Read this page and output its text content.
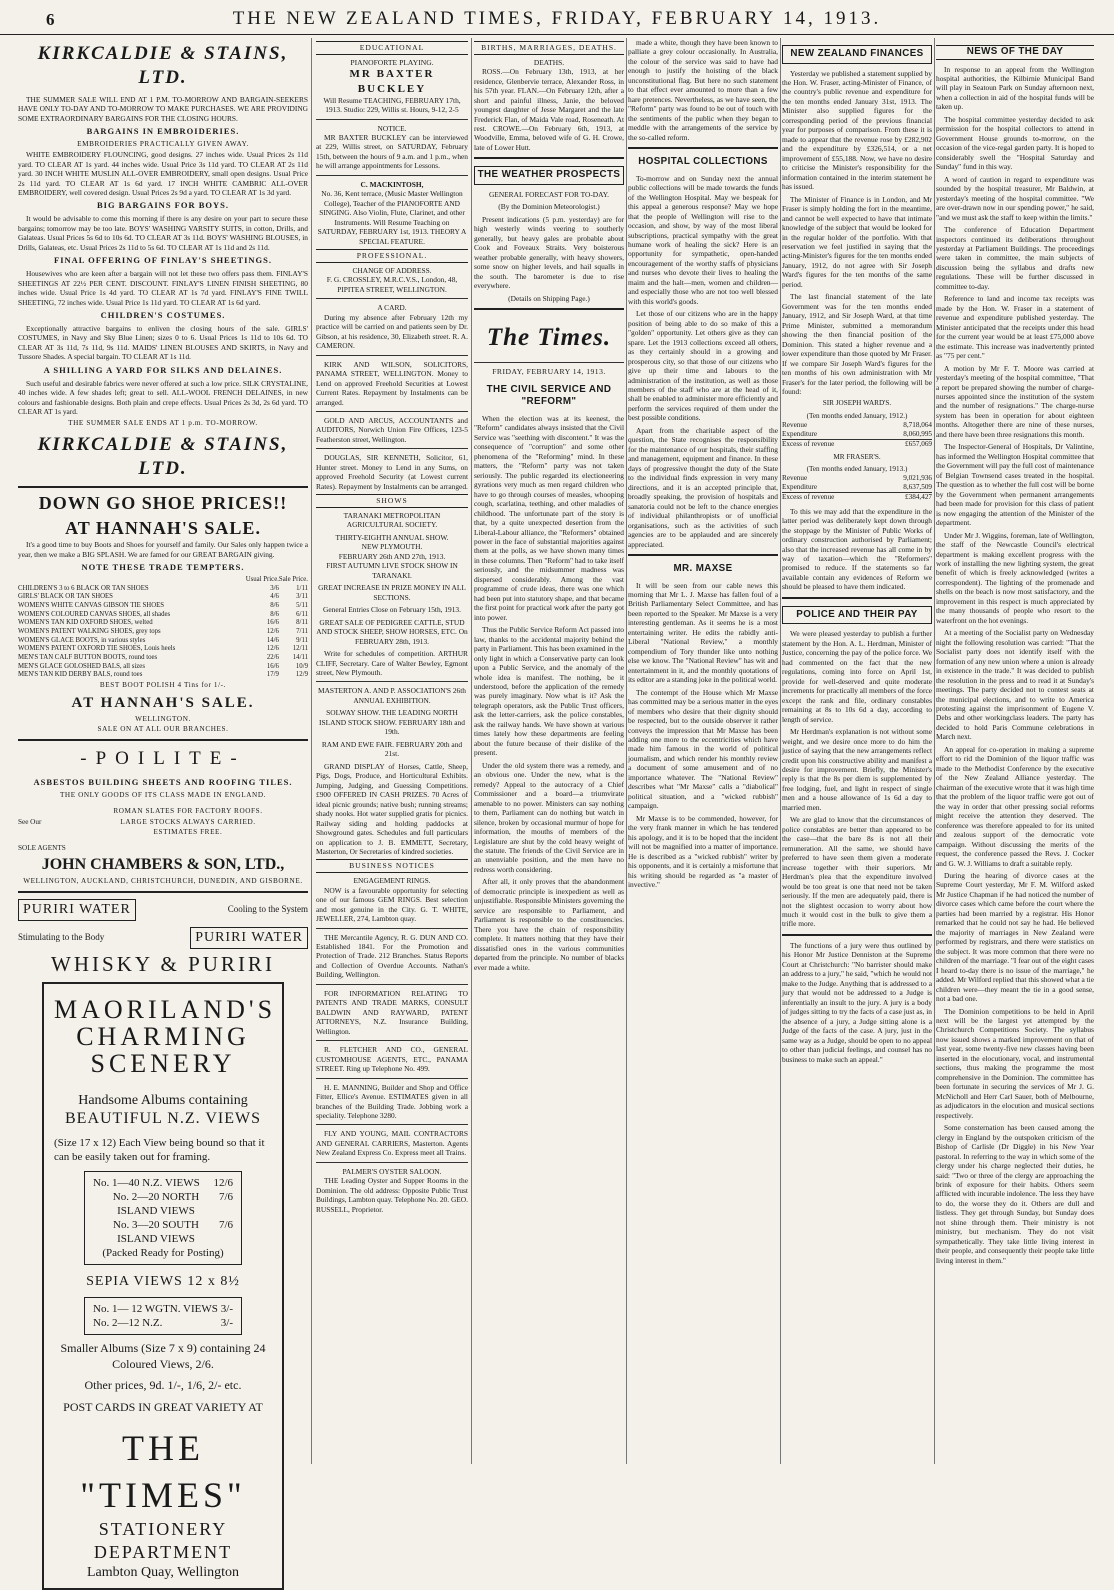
6	THE NEW ZEALAND TIMES, FRIDAY, FEBRUARY 14, 1913.
KIRKCALDIE & STAINS, LTD.

THE SUMMER SALE WILL END AT 1 P.M. TO-MORROW AND BARGAIN-SEEKERS HAVE ONLY TO-DAY AND TO-MORROW TO MAKE PURCHASES. WE ARE PROVIDING SOME EXTRAORDINARY BARGAINS FOR THE CLOSING HOURS.

BARGAINS IN EMBROIDERIES.
EMBROIDERIES PRACTICALLY GIVEN AWAY.

WHITE EMBROIDERY FLOUNCING, good designs. 27 inches wide. Usual Prices 2s 11d yard. TO CLEAR AT 1s yard. 44 inches wide. Usual Price 3s 11d yard. TO CLEAR AT 2s 11d yard. 30 INCH WHITE MUSLIN ALL-OVER EMBROIDERY, small open designs. Usual Price 2s 11d yard. TO CLEAR AT 1s 6d yard. 17 INCH WHITE CAMBRIC ALL-OVER EMBROIDERY, well covered design. Usual Prices 2s 9d a yard. TO CLEAR AT 1s 3d yard.

BIG BARGAINS FOR BOYS.

It would be advisable to come this morning if there is any desire on your part to secure these bargains; tomorrow may be too late. BOYS' WASHING VARSITY SUITS, in cotton, Drills, and Galateas. Usual Prices 5s 6d to 10s 6d. TO CLEAR AT 3s 11d. BOYS' WASHING BLOUSES, in Drills, Galateas, etc. Usual Prices 2s 11d to 5s 6d. TO CLEAR AT 1s 11d and 2s 11d.

FINAL OFFERING OF FINLAY'S SHEETINGS.

Housewives who are keen after a bargain will not let these two offers pass them. FINLAY'S SHEETINGS AT 22½ PER CENT. DISCOUNT. FINLAY'S LINEN FINISH SHEETING, 80 inches wide. Usual Price 1s 4d yard. TO CLEAR AT 1s 7d yard. FINLAY'S FINE TWILL SHEETING, 72 inches wide. Usual Price 1s 11d yard. TO CLEAR AT 1s 6d yard.

CHILDREN'S COSTUMES.

Exceptionally attractive bargains to enliven the closing hours of the sale. GIRLS' COSTUMES, in Navy and Sky Blue Linen; sizes 0 to 6. Usual Prices 1s 11d to 10s 6d. TO CLEAR AT 3s 11d, 7s 11d, 9s 11d. MAIDS' LINEN BLOUSES AND SKIRTS, in Navy and Tussore Shades. A special bargain. TO CLEAR AT 1s 11d.

A SHILLING A YARD FOR SILKS AND DELAINES.

Such useful and desirable fabrics were never offered at such a low price. SILK CRYSTALINE, 40 inches wide. A few shades left; great to sell. ALL-WOOL FRENCH DELAINES, in new colours and fashionable designs. Both plain and crepe effects. Usual Prices 2s 3d, 2s 6d yard. TO CLEAR AT 1s yard.

THE SUMMER SALE ENDS AT 1 p.m. TO-MORROW.
KIRKCALDIE & STAINS, LTD.
DOWN GO SHOE PRICES!!
AT HANNAH'S SALE.

It's a good time to buy Boots and Shoes for yourself and family. Our Sales only happen twice a year, then we make a BIG SPLASH. We are famed for our GREAT BARGAIN giving.

NOTE THESE TRADE TEMPTERS.
	Usual Price.	Sale Price.
CHILDREN'S 3 to 6 BLACK OR TAN SHOES	3/6	1/11
GIRLS' BLACK OR TAN SHOES	4/6	3/11
WOMEN'S WHITE CANVAS GIBSON TIE SHOES	8/6	5/11
WOMEN'S COLOURED CANVAS SHOES, all shades	8/6	6/11
WOMEN'S TAN KID OXFORD SHOES, welted	16/6	8/11
WOMEN'S PATENT WALKING SHOES, grey tops	12/6	7/11
WOMEN'S GLACE BOOTS, in various styles	14/6	9/11
WOMEN'S PATENT OXFORD TIE SHOES, Louis heels	12/6	12/11
MEN'S TAN CALF BUTTON BOOTS, round toes	22/6	14/11
MEN'S GLACE GOLOSHED BALS, all sizes	16/6	10/9
MEN'S TAN KID DERBY BALS, round toes	17/9	12/9
BEST BOOT POLISH 4 Tins for 1/-.
AT HANNAH'S SALE.
WELLINGTON.
SALE ON AT ALL OUR BRANCHES.
-POILITE-
ASBESTOS BUILDING SHEETS AND ROOFING TILES.
THE ONLY GOODS OF ITS CLASS MADE IN ENGLAND.
See Our
ROMAN SLATES FOR FACTORY ROOFS.
LARGE STOCKS ALWAYS CARRIED.
ESTIMATES FREE.
SOLE AGENTS
JOHN CHAMBERS & SON, LTD.,
WELLINGTON, AUCKLAND, CHRISTCHURCH, DUNEDIN, AND GISBORNE.
PURIRI WATER	Cooling to the System
Stimulating to the Body	PURIRI WATER
WHISKY & PURIRI
MAORILAND'S CHARMING SCENERY
Handsome Albums containing
BEAUTIFUL N.Z. VIEWS
(Size 17 x 12) Each View being bound so that it can be easily taken out for framing.
No. 1—40 N.Z. VIEWS 12/6
No. 2—20 NORTH ISLAND VIEWS
7/6
No. 3—20 SOUTH ISLAND VIEWS
7/6
(Packed Ready for Posting)
SEPIA VIEWS 12 x 8½
No. 1— 12 WGTN. VIEWS 3/-
No. 2—12 N.Z.	3/-
Smaller Albums (Size 7 x 9) containing 24 Coloured Views, 2/6.
Other prices, 9d. 1/-, 1/6, 2/- etc.
POST CARDS IN GREAT VARIETY AT
THE "TIMES"
STATIONERY DEPARTMENT
Lambton Quay, Wellington
EDUCATIONAL
PIANOFORTE PLAYING.
MR BAXTER BUCKLEY

Will Resume TEACHING, FEBRUARY 17th, 1913. Studio: 229, Willis st. Hours, 9-12, 2-5

NOTICE.

MR BAXTER BUCKLEY can be interviewed at 229, Willis street, on SATURDAY, February 15th, between the hours of 9 a.m. and 1 p.m., when he will arrange appointments for Lessons.

C. MACKINTOSH,

No. 36, Kent terrace, (Music Master Wellington College), Teacher of the PIANOFORTE AND SINGING. Also Violin, Flute, Clarinet, and other Instruments. Will Resume Teaching on SATURDAY, FEBRUARY 1st, 1913. THEORY A SPECIAL FEATURE.

PROFESSIONAL.
CHANGE OF ADDRESS.

F. G. CROSSLEY, M.R.C.V.S., London, 48, PIPITEA STREET, WELLINGTON.

A CARD.

During my absence after February 12th my practice will be carried on and patients seen by Dr. Gibson, at his residence, 30, Elizabeth street. R. A. CAMERON.

KIRK AND WILSON, SOLICITORS, PANAMA STREET, WELLINGTON. Money to Lend on approved Freehold Securities at Lowest Current Rates. Repayment by Instalments can be arranged.

GOLD AND ARCUS, ACCOUNTANTS and AUDITORS, Norwich Union Fire Offices, 123-5 Featherston street, Wellington.

DOUGLAS, SIR KENNETH, Solicitor, 61, Hunter street. Money to Lend in any Sums, on approved Freehold Security (at Lowest current Rates). Repayment by Instalments can be arranged.

SHOWS

TARANAKI METROPOLITAN AGRICULTURAL SOCIETY.

THIRTY-EIGHTH ANNUAL SHOW.
NEW PLYMOUTH.
FEBRUARY 26th AND 27th, 1913.

FIRST AUTUMN LIVE STOCK SHOW IN TARANAKI.

GREAT INCREASE IN PRIZE MONEY IN ALL SECTIONS.

General Entries Close on February 15th, 1913.

GREAT SALE OF PEDIGREE CATTLE, STUD AND STOCK SHEEP, SHOW HORSES, ETC. On FEBRUARY 28th, 1913.

Write for schedules of competition. ARTHUR CLIFF, Secretary. Care of Walter Bewley, Egmont street, New Plymouth.

MASTERTON A. AND P. ASSOCIATION'S 26th ANNUAL EXHIBITION.

SOLWAY SHOW. THE LEADING NORTH ISLAND STOCK SHOW. FEBRUARY 18th and 19th.

RAM AND EWE FAIR. FEBRUARY 20th and 21st.

GRAND DISPLAY of Horses, Cattle, Sheep, Pigs, Dogs, Produce, and Horticultural Exhibits. Jumping, Judging, and Guessing Competitions. £900 OFFERED IN CASH PRIZES. 70 Acres of ideal picnic grounds; native bush; running streams; shady nooks. Hot water supplied gratis for picnics. Railway siding and holding paddocks at Showground gates. Schedules and full particulars on application to J. B. EMMETT, Secretary, Masterton, Or Secretaries of kindred societies.

BUSINESS NOTICES
ENGAGEMENT RINGS.

NOW is a favourable opportunity for selecting one of our famous GEM RINGS. Best selection and most genuine in the City. G. T. WHITE, JEWELLER, 274, Lambton quay.

THE Mercantile Agency, R. G. DUN AND CO. Established 1841. For the Promotion and Protection of Trade. 212 Branches. Status Reports and Collection of Overdue Accounts. Nathan's Building, Wellington.

FOR INFORMATION RELATING TO PATENTS AND TRADE MARKS, CONSULT BALDWIN AND RAYWARD, PATENT ATTORNEYS, N.Z. Insurance Building, Wellington.

R. FLETCHER AND CO., GENERAL CUSTOMHOUSE AGENTS, ETC., PANAMA STREET. Ring up Telephone No. 499.

H. E. MANNING, Builder and Shop and Office Fitter, Ellice's Avenue. ESTIMATES given in all branches of the Building Trade. Jobbing work a speciality. Telephone 3280.

FLY AND YOUNG, MAIL CONTRACTORS AND GENERAL CARRIERS, Masterton. Agents New Zealand Express Co. Express meet all Trains.

PALMER'S OYSTER SALOON.

THE Leading Oyster and Supper Rooms in the Dominion. The old address: Opposite Public Trust Buildings, Lambton quay. Telephone No. 20. GEO. RUSSELL, Proprietor.

BIRTHS, MARRIAGES, DEATHS.
DEATHS.

ROSS.—On February 13th, 1913, at her residence, Glenbervie terrace, Alexander Ross, in his 57th year. FLAN.—On February 12th, after a short and painful illness, Janie, the beloved youngest daughter of Jesse Margaret and the late Frederick Flan, of Maida Vale road, Roseneath. At rest. CROWE.—On February 6th, 1913, at Woodville, Emma, beloved wife of G. H. Crowe, late of Lower Hutt.

THE WEATHER PROSPECTS
GENERAL FORECAST FOR TO-DAY.
(By the Dominion Meteorologist.)

Present indications (5 p.m. yesterday) are for high westerly winds veering to southerly generally, but heavy gales are probable about Cook and Foveaux Straits. Very boisterous weather probable generally, with heavy showers, some snow on higher levels, and hail squalls in the south. The barometer is due to rise everywhere.

(Details on Shipping Page.)
The Times.
FRIDAY, FEBRUARY 14, 1913.
THE CIVIL SERVICE AND "REFORM"

When the election was at its keenest, the "Reform" candidates always insisted that the Civil Service was "seething with discontent." It was the consequence of "corruption" and some other phenomena of the "Reforming" mind. In these matters, the "Reform" party was not taken seriously. The public regarded its electioneering gyrations very much as men regard children who have to go through courses of measles, whooping cough, scarlatina, teething, and other maladies of childhood. The unfortunate part of the story is that, by a quite unexpected desertion from the Liberal-Labour alliance, the "Reformers" obtained power in the face of substantial majorities against them at the polls, as we have shown many times in these columns. Then "Reform" had to take itself seriously, and the midsummer madness was dispersed considerably. Among the vast programme of crude ideas, there was one which had been put into statutory shape, and that became the first point for practical work after the party got into power.

Thus the Public Service Reform Act passed into law, thanks to the accidental majority behind the party in Parliament. This has been examined in the only light in which a Conservative party can look upon a Public Service, and the anomaly of the whole idea is manifest. The nothing, be it understood, before the application of the remedy was purely imaginary. Now what is it? Ask the telegraph operators, ask the Public Trust officers, ask the letter-carriers, ask the police constables, ask the railway hands. We have shown at various times lately how these departments are feeling about the future because of their dislike of the present.

Under the old system there was a remedy, and an obvious one. Under the new, what is the remedy? Appeal to the autocracy of a Chief Commissioner and a board—a triumvirate amenable to no power. Ministers can say nothing to them, Parliament can do nothing but watch in silence, broken by occasional murmur of hope for information, the mouths of members of the Legislature are shut by the cold heavy weight of the statute. The friends of the Civil Service are in an unenviable position, and the men have no redress worth considering.

After all, it only proves that the abandonment of democratic principle is inexpedient as well as unjustifiable. Responsible Ministers governing the service are responsible to Parliament, and Parliament is responsible to the constituencies. There you have the chain of responsibility complete. It matters nothing that they have their dissatisfied ones in the various communities departed from the principle. No number of blacks ever made a white.

made a white, though they have been known to palliate a grey colour occasionally. In Australia, the colour of the service was said to have had enough to justify the hoisting of the black unconstitutional flag. But here no such statement to that effect ever amounted to more than a few hare pretences. Nevertheless, as we have seen, the "Reform" party was found to be out of touch with the sentiments of the public when they began to meddle with the arrangements of the service by the so-called reform.

HOSPITAL COLLECTIONS

To-morrow and on Sunday next the annual public collections will be made towards the funds of the Wellington Hospital. May we bespeak for this appeal a generous response? May we hope that the people of Wellington will rise to the occasion, and show, by way of the most liberal subscriptions, practical sympathy with the great humane work of healing the sick? Here is an opportunity for sympathetic, open-handed encouragement of the worthy staffs of physicians and nurses who devote their lives to healing the maim and the halt—men, women and children—and especially those who are not too well blessed with this world's goods.

Let those of our citizens who are in the happy position of being able to do so make of this a "golden" opportunity. Let others give as they can spare. Let the 1913 collections exceed all others, as they certainly should in a growing and prosperous city, so that those of our citizens who give up their time and labours to the administration of the institution, as well as those members of the staff who are at the head of it, shall be enabled to administer more efficiently and perform the services required of them under the best possible conditions.

Apart from the charitable aspect of the question, the State recognises the responsibility for the maintenance of our hospitals, their staffing and management, equipment and finance. In these days of progressive thought the duty of the State to the individual finds expression in very many directions, and it is an accepted principle that, broadly speaking, the provision of hospitals and sanatoria could not be left to the chance energies of individual philanthropists or of unofficial organisations, such as the activities of such agencies are to be applauded and are sincerely appreciated.

MR. MAXSE

It will be seen from our cable news this morning that Mr L. J. Maxse has fallen foul of a British Parliamentary Select Committee, and has been reported to the Speaker. Mr Maxse is a very interesting gentleman. As it seems he is a most entertaining writer. He edits the rabidly anti-Liberal "National Review," a monthly compendium of Tory thunder like unto nothing else we know. The "National Review" has wit and entertainment in it, and the monthly quotations of its editor are a standing joke in the political world.

The contempt of the House which Mr Maxse has committed may be a serious matter in the eyes of members who desire that their dignity should be respected, but to the outside observer it rather conveys the impression that Mr Maxse has been adding one more to the eccentricities which have made him famous in the world of political journalism, and which render his monthly review a document of some amusement and of no importance whatever. The "National Review" describes what "Mr Maxse" calls a "diabolical" political situation, and a "wicked rubbish" campaign.

Mr Maxse is to be commended, however, for the very frank manner in which he has tendered his apology, and it is to be hoped that the incident will not be magnified into a matter of importance. He is described as a "wicked rubbish" writer by his opponents, and it is certainly a misfortune that his writing should be regarded as "a master of invective."

NEW ZEALAND FINANCES

Yesterday we published a statement supplied by the Hon. W. Fraser, acting-Minister of Finance, of the country's public revenue and expenditure for the ten months ended January 31st, 1913. The Minister also supplied figures for the corresponding period of the previous financial year for purposes of comparison. From these it is made to appear that the revenue rose by £282,902 and the expenditure by £326,514, or a net improvement of £55,188. Now, we have no desire to criticise the Minister's responsibility for the information contained in the interim statement he has issued.

The Minister of Finance is in London, and Mr Fraser is simply holding the fort in the meantime, and cannot be well expected to have that intimate knowledge of the subject that would be looked for in the regular holder of the portfolio. With that reservation we feel justified in saying that the acting-Minister's figures for the ten months ended January, 1912, do not agree with Sir Joseph Ward's figures for the ten months of the same period.

The last financial statement of the late Government was for the ten months ended January, 1912, and Sir Joseph Ward, at that time Prime Minister, submitted a memorandum showing the then financial position of the Dominion. This stated a higher revenue and a lower expenditure than those quoted by Mr Fraser. If we compare Sir Joseph Ward's figures for the ten months of his own administration with Mr Fraser's for the later period, the following will be found:

SIR JOSEPH WARD'S.
(Ten months ended January, 1912.)
Revenue	8,718,064
Expenditure	8,060,995
Excess of revenue	£657,069
MR FRASER'S.
(Ten months ended January, 1913.)
Revenue	9,021,936
Expenditure	8,637,509
Excess of revenue	£384,427

To this we may add that the expenditure in the latter period was deliberately kept down through the stoppage by the Minister of Public Works of ordinary construction authorised by Parliament; also that the increased revenue has all come in by way of taxation—which the "Reformers" promised to reduce. If the statements so far available contain any evidences of Reform we should be pleased to have them indicated.

POLICE AND THEIR PAY

We were pleased yesterday to publish a further statement by the Hon. A. L. Herdman, Minister of Justice, concerning the pay of the police force. We had commented on the fact that the new regulations, coming into force on April 1st, provide for well-deserved and quite moderate increments for practically all members of the force except the rank and file, ordinary constables remaining at 8s to 10s 6d a day, according to length of service.

Mr Herdman's explanation is not without some weight, and we desire once more to do him the justice of saying that the new arrangements reflect credit upon his constructive ability and manifest a desire for improvement. Briefly, the Minister's reply is that the 8s per diem is supplemented by free lodging, fuel, and light in respect of single men and a house allowance of 1s 6d a day to married men.

We are glad to know that the circumstances of police constables are better than appeared to be the case—that the bare 8s is not all their remuneration. All the same, we should have preferred to have seen them given a moderate increase together with their superiors. Mr Herdman's plea that the expenditure involved would be too great is one that need not be taken seriously. If the men are adequately paid, there is not the slightest occasion to worry about how much it would cost in the bulk to give them a trifle more.

The functions of a jury were thus outlined by his Honor Mr Justice Denniston at the Supreme Court at Christchurch: "No barrister should make an address to a jury," he said, "which he would not make to the Judge. Anything that is addressed to a jury that would not be addressed to a Judge is inferentially an insult to the jury. A jury is a body of judges sitting to try the facts of a case just as, in the absence of a jury, a Judge sitting alone is a Judge of the facts of the case. A jury, just in the same way as a Judge, should be open to no appeal to other than judicial feelings, and counsel has no business to make such an appeal."

NEWS OF THE DAY

In response to an appeal from the Wellington hospital authorities, the Kilbirnie Municipal Band will play in Seatoun Park on Sunday afternoon next, when a collection in aid of the hospital funds will be taken up.

The hospital committee yesterday decided to ask permission for the hospital collectors to attend in Government House grounds to-morrow, on the occasion of the vice-regal garden party. It is hoped to considerably swell the "Hospital Saturday and Sunday" fund in this way.

A word of caution in regard to expenditure was sounded by the hospital treasurer, Mr Baldwin, at yesterday's meeting of the hospital committee. "We are over-drawn now in our spending power," he said, "and we must ask the staff to keep within the limits."

The conference of Education Department inspectors continued its deliberations throughout yesterday at Parliament Buildings. The proceedings were taken in committee, the main subjects of discussion being the syllabus and drafts new regulations. These will be further discussed in committee to-day.

Reference to land and income tax receipts was made by the Hon. W. Fraser in a statement of revenue and expenditure published yesterday. The Minister anticipated that the receipts under this head for the current year would be at least £75,000 above the estimate. This increase was inadvertently printed as "75 per cent."

A motion by Mr F. T. Moore was carried at yesterday's meeting of the hospital committee, "That a report be prepared showing the number of charge-nurses appointed since the institution of the system and the number of resignations." The charge-nurse system has been in operation for about eighteen months. Altogether there are nine of these nurses, and there have been three resignations this month.

The Inspector-General of Hospitals, Dr Valintine, has informed the Wellington Hospital committee that the Government will pay the full cost of maintenance of Belgian Townsend cases treated in the hospital. The question as to whether the full cost will be borne by the Government when permanent arrangements had been made for provision for this class of patient is now engaging the attention of the Minister of the department.

Under Mr J. Wiggins, foreman, late of Wellington, the staff of the Newcastle Council's electrical department is making excellent progress with the work of installing the new lighting system, the great benefit of which is freely acknowledged (writes a correspondent). The lighting of the promenade and shells on the beach is now most satisfactory, and the improvement in this respect is much appreciated by the many thousands of people who resort to the waterfront on the hot evenings.

At a meeting of the Socialist party on Wednesday night the following resolution was carried: "That the Socialist party does not identify itself with the formation of any new union where a union is already in existence in the trade." It was decided to publish the resolution in the press and to read it at Sunday's meetings. The party decided not to contest seats at the municipal elections, and to write to America protesting against the imprisonment of Eugene V. Debs and other workingclass leaders. The party has decided to hold Paris Commune celebrations in March next.

An appeal for co-operation in making a supreme effort to rid the Dominion of the liquor traffic was made to the Methodist Conference by the executive of the New Zealand Alliance yesterday. The chairman of the executive wrote that it was high time that the problem of the liquor traffic were got out of the way in order that other pressing social reforms might receive the attention they deserved. The conference was therefore appealed to for its united and zealous support of the democratic vote campaign. Without discussing the merits of the request, the conference passed the Revs. J. Cocker and G. W. J. Williams to draft a suitable reply.

During the hearing of divorce cases at the Supreme Court yesterday, Mr F. M. Wilford asked Mr Justice Chapman if he had noticed the number of divorce cases which came before the court where the parties had been married by a registrar. His Honor remarked that he could not say he had. He believed the majority of marriages in New Zealand were performed by registrars, and there were statistics on the subject. It was more common that there were no children of the marriage. "I fear out of the eight cases I heard to-day there is no issue of the marriage," he added. Mr Wilford replied that this showed what a tie children were—they meant the tie in a good sense, not a bad one.

The Dominion competitions to be held in April next will be the largest yet attempted by the Christchurch Competitions Society. The syllabus now issued shows a marked improvement on that of last year, some twenty-five new classes having been inserted in the elocutionary, vocal, and instrumental sections, thus making the programme the most comprehensive in the Dominion. The committee has been fortunate in securing the services of Mr J. G. McNicholl and Herr Carl Sauer, both of Melbourne, as adjudicators in the elocution and musical sections respectively.

Some consternation has been caused among the clergy in England by the outspoken criticism of the Bishop of Carlisle (Dr Diggle) in his New Year pastoral. In referring to the way in which some of the clergy under his charge neglected their duties, he said: "Two or three of the clergy are approaching the brink of exposure for their habits. Others seem afflicted with incurable indolence. The less they have to do, the worse they do it. Others are dull and listless. They get through Sunday, but Sunday does not shine through them. Their ministry is not ministry, but mechanism. They do not visit sympathetically. They take little living interest in their people, and consequently their people take little living interest in them."
